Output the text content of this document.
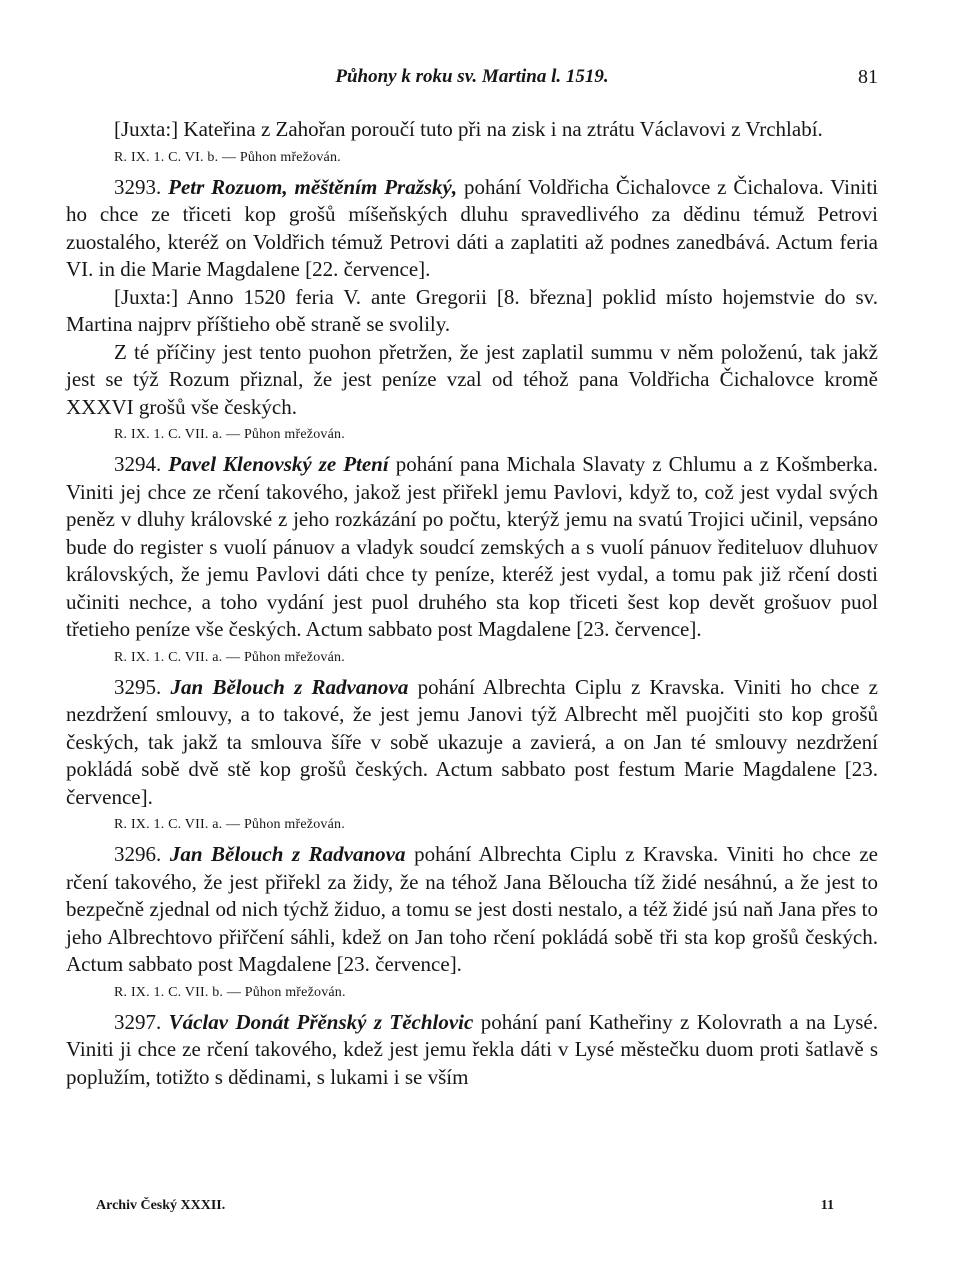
Půhony k roku sv. Martina l. 1519.	81

[Juxta:] Kateřina z Zahořan poroučí tuto při na zisk i na ztrátu Václavovi z Vrchlabí.

R. IX. 1. C. VI. b. — Půhon mřežován.

3293. Petr Rozuom, měštěním Pražský, pohání Voldřicha Čichalovce z Čichalova. Viniti ho chce ze třiceti kop grošů míšeňských dluhu spravedlivého za dědinu témuž Petrovi zuostalého, kteréž on Voldřich témuž Petrovi dáti a zaplatiti až podnes zanedbává. Actum feria VI. in die Marie Magdalene [22. července].

[Juxta:] Anno 1520 feria V. ante Gregorii [8. března] poklid místo hojemstvie do sv. Martina najprv příštieho obě straně se svolily.

Z té příčiny jest tento puohon přetržen, že jest zaplatil summu v něm položenú, tak jakž jest se týž Rozum přiznal, že jest peníze vzal od téhož pana Voldřicha Čichalovce kromě XXXVI grošů vše českých.

R. IX. 1. C. VII. a. — Půhon mřežován.

3294. Pavel Klenovský ze Ptení pohání pana Michala Slavaty z Chlumu a z Košmberka. Viniti jej chce ze rčení takového, jakož jest přiřekl jemu Pavlovi, když to, což jest vydal svých peněz v dluhy královské z jeho rozkázání po počtu, kterýž jemu na svatú Trojici učinil, vepsáno bude do register s vuolí pánuov a vladyk soudcí zemských a s vuolí pánuov ředitelu​ov dluhuov královských, že jemu Pavlovi dáti chce ty peníze, kteréž jest vydal, a tomu pak již rčení dosti učiniti nechce, a toho vydání jest puol druhého sta kop třiceti šest kop devět grošuov puol třetieho peníze vše českých. Actum sabbato post Magdalene [23. července].

R. IX. 1. C. VII. a. — Půhon mřežován.

3295. Jan Bělouch z Radvanova pohání Albrechta Ciplu z Kravska. Viniti ho chce z nezdržení smlouvy, a to takové, že jest jemu Janovi týž Albrecht měl puojčiti sto kop grošů českých, tak jakž ta smlouva šíře v sobě ukazuje a zavierá, a on Jan té smlouvy nezdržení pokládá sobě dvě stě kop grošů českých. Actum sabbato post festum Marie Magdalene [23. července].

R. IX. 1. C. VII. a. — Půhon mřežován.

3296. Jan Bělouch z Radvanova pohání Albrechta Ciplu z Kravska. Viniti ho chce ze rčení takového, že jest přiřekl za židy, že na téhož Jana Běloucha tíž židé nesáhnú, a že jest to bezpečně zjednal od nich týchž židuo, a tomu se jest dosti nestalo, a též židé jsú naň Jana přes to jeho Albrechtovo přiřčení sáhli, kdež on Jan toho rčení pokládá sobě tři sta kop grošů českých. Actum sabbato post Magdalene [23. července].

R. IX. 1. C. VII. b. — Půhon mřežován.

3297. Václav Donát Přěnský z Těchlovic pohání paní Katheřiny z Kolovrath a na Lysé. Viniti ji chce ze rčení takového, kdež jest jemu řekla dáti v Lysé městečku duom proti šatlavě s poplužím, totižto s dědinami, s lukami i se vším

Archiv Český XXXII.	11
